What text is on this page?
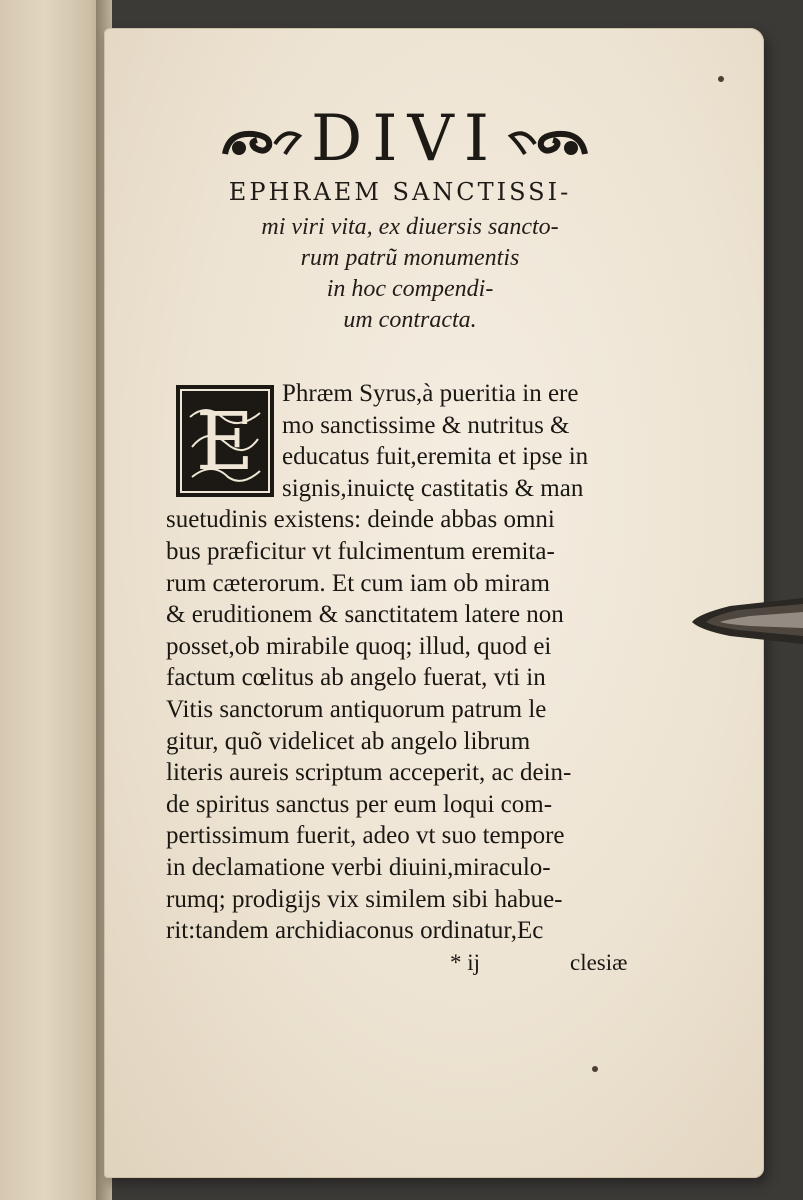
DIVI
EPHRAEM SANCTISSI-
mi viri vita, ex diuersis sancto-
rum patrũ monumentis
in hoc compendi-
um contracta.
E
Phræm Syrus,à pueritia in ere
mo sanctissime & nutritus &
educatus fuit,eremita et ipse in
signis,inuictę castitatis & man
suetudinis existens: deinde abbas omni
bus præficitur vt fulcimentum eremita-
rum cæterorum. Et cum iam ob miram
& eruditionem & sanctitatem latere non
posset,ob mirabile quoq; illud, quod ei
factum cœlitus ab angelo fuerat, vti in
Vitis sanctorum antiquorum patrum le
gitur, quõ videlicet ab angelo librum
literis aureis scriptum acceperit, ac dein-
de spiritus sanctus per eum loqui com-
pertissimum fuerit, adeo vt suo tempore
in declamatione verbi diuini,miraculo-
rumq; prodigijs vix similem sibi habue-
rit:tandem archidiaconus ordinatur,Ec
* ij	clesiæ
